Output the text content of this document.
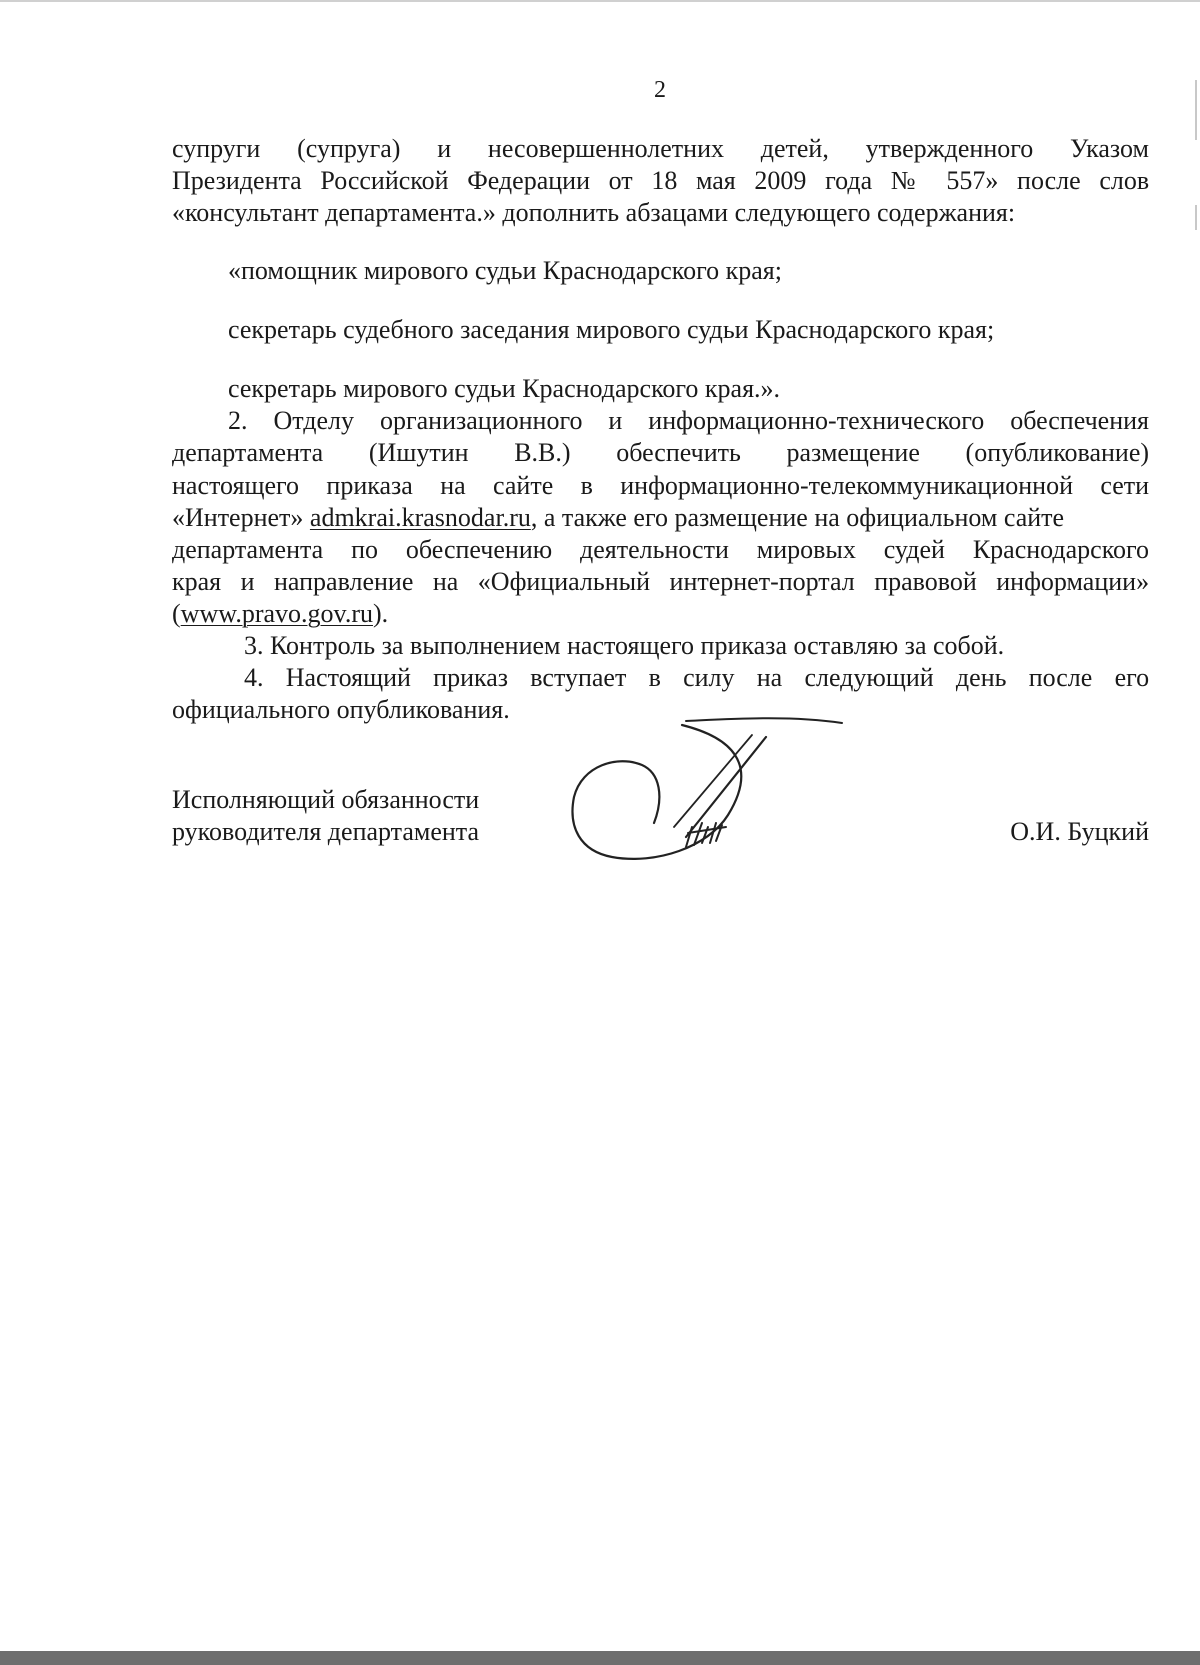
2
супруги (супруга) и несовершеннолетних детей, утвержденного Указом
Президента Российской Федерации от 18 мая 2009 года № 557» после слов
«консультант департамента.» дополнить абзацами следующего содержания:
«помощник мирового судьи Краснодарского края;
секретарь судебного заседания мирового судьи Краснодарского края;
секретарь мирового судьи Краснодарского края.».
2. Отделу организационного и информационно-технического обеспечения
департамента (Ишутин В.В.) обеспечить размещение (опубликование)
настоящего приказа на сайте в информационно-телекоммуникационной сети
«Интернет» admkrai.krasnodar.ru, а также его размещение на официальном сайте
департамента по обеспечению деятельности мировых судей Краснодарского
края и направление на «Официальный интернет-портал правовой информации»
(www.pravo.gov.ru).
3. Контроль за выполнением настоящего приказа оставляю за собой.
4. Настоящий приказ вступает в силу на следующий день после его
официального опубликования.
Исполняющий обязанности
руководителя департамента	О.И. Буцкий
